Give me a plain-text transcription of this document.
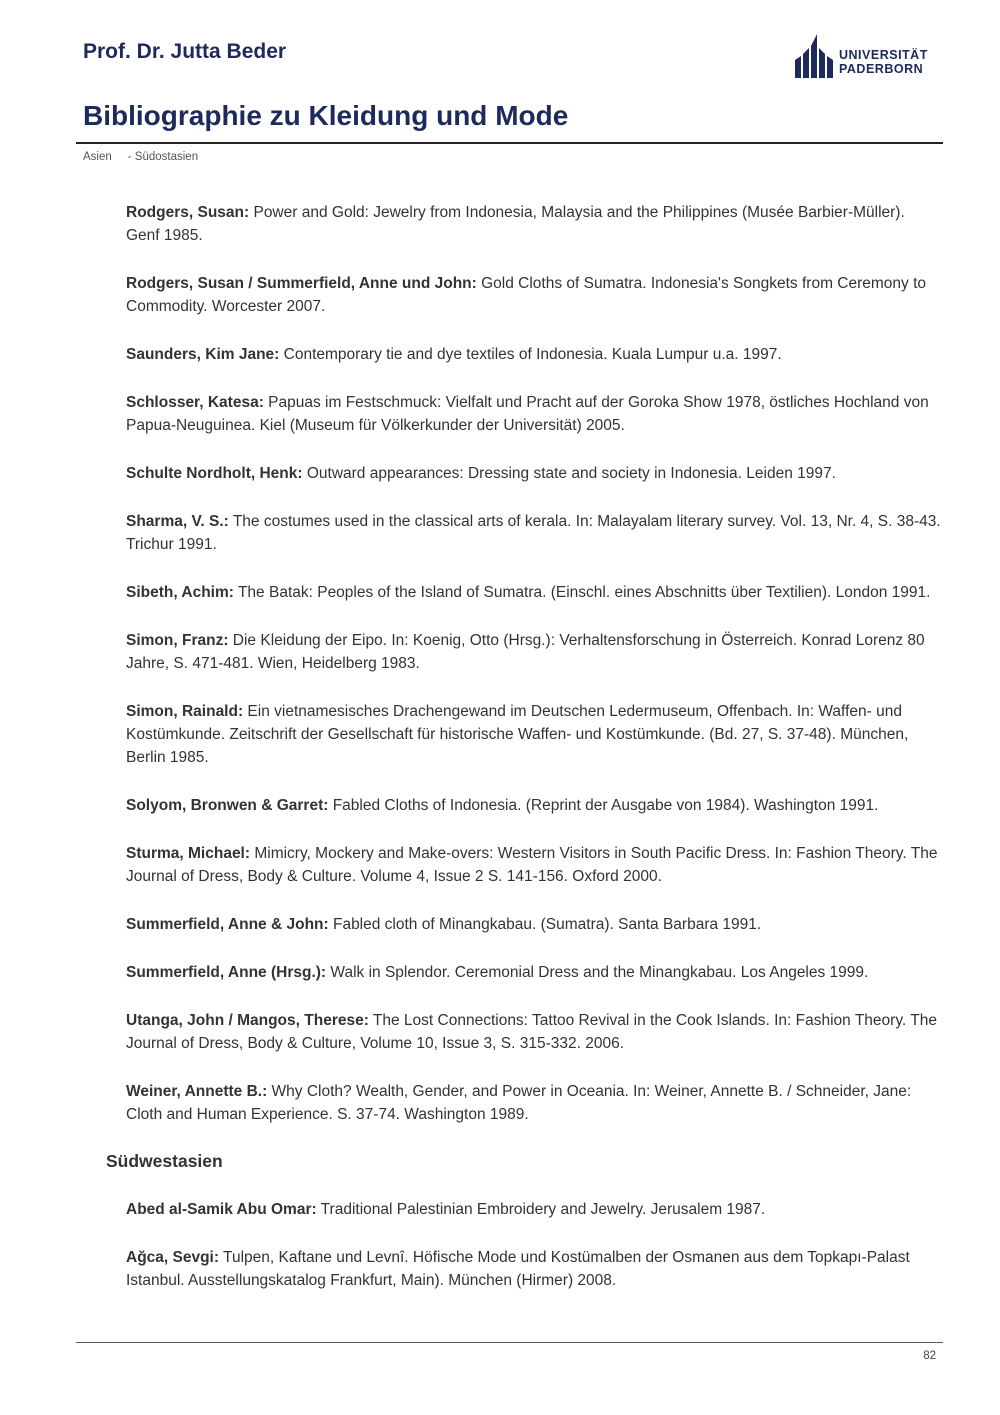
Prof. Dr. Jutta Beder	UNIVERSITÄT
PADERBORN
Bibliographie zu Kleidung und Mode
Asien - Südostasien

Rodgers, Susan: Power and Gold: Jewelry from Indonesia, Malaysia and the Philippines (Musée Barbier-Müller). Genf 1985.

Rodgers, Susan / Summerfield, Anne und John: Gold Cloths of Sumatra. Indonesia's Songkets from Ceremony to Commodity. Worcester 2007.

Saunders, Kim Jane: Contemporary tie and dye textiles of Indonesia. Kuala Lumpur u.a. 1997.

Schlosser, Katesa: Papuas im Festschmuck: Vielfalt und Pracht auf der Goroka Show 1978, östliches Hochland von Papua-Neuguinea. Kiel (Museum für Völkerkunder der Universität) 2005.

Schulte Nordholt, Henk: Outward appearances: Dressing state and society in Indonesia. Leiden 1997.

Sharma, V. S.: The costumes used in the classical arts of kerala. In: Malayalam literary survey. Vol. 13, Nr. 4, S. 38-43. Trichur 1991.

Sibeth, Achim: The Batak: Peoples of the Island of Sumatra. (Einschl. eines Abschnitts über Textilien). London 1991.

Simon, Franz: Die Kleidung der Eipo. In: Koenig, Otto (Hrsg.): Verhaltensforschung in Österreich. Konrad Lorenz 80 Jahre, S. 471-481. Wien, Heidelberg 1983.

Simon, Rainald: Ein vietnamesisches Drachengewand im Deutschen Ledermuseum, Offenbach. In: Waffen- und Kostümkunde. Zeitschrift der Gesellschaft für historische Waffen- und Kostümkunde. (Bd. 27, S. 37-48). München, Berlin 1985.

Solyom, Bronwen & Garret: Fabled Cloths of Indonesia. (Reprint der Ausgabe von 1984). Washington 1991.

Sturma, Michael: Mimicry, Mockery and Make-overs: Western Visitors in South Pacific Dress. In: Fashion Theory. The Journal of Dress, Body & Culture. Volume 4, Issue 2 S. 141-156. Oxford 2000.

Summerfield, Anne & John: Fabled cloth of Minangkabau. (Sumatra). Santa Barbara 1991.

Summerfield, Anne (Hrsg.): Walk in Splendor. Ceremonial Dress and the Minangkabau. Los Angeles 1999.

Utanga, John / Mangos, Therese: The Lost Connections: Tattoo Revival in the Cook Islands. In: Fashion Theory. The Journal of Dress, Body & Culture, Volume 10, Issue 3, S. 315-332. 2006.

Weiner, Annette B.: Why Cloth? Wealth, Gender, and Power in Oceania. In: Weiner, Annette B. / Schneider, Jane: Cloth and Human Experience. S. 37-74. Washington 1989.

Südwestasien

Abed al-Samik Abu Omar: Traditional Palestinian Embroidery and Jewelry. Jerusalem 1987.

Ağca, Sevgi: Tulpen, Kaftane und Levnî. Höfische Mode und Kostümalben der Osmanen aus dem Topkapı-Palast Istanbul. Ausstellungskatalog Frankfurt, Main). München (Hirmer) 2008.

82
